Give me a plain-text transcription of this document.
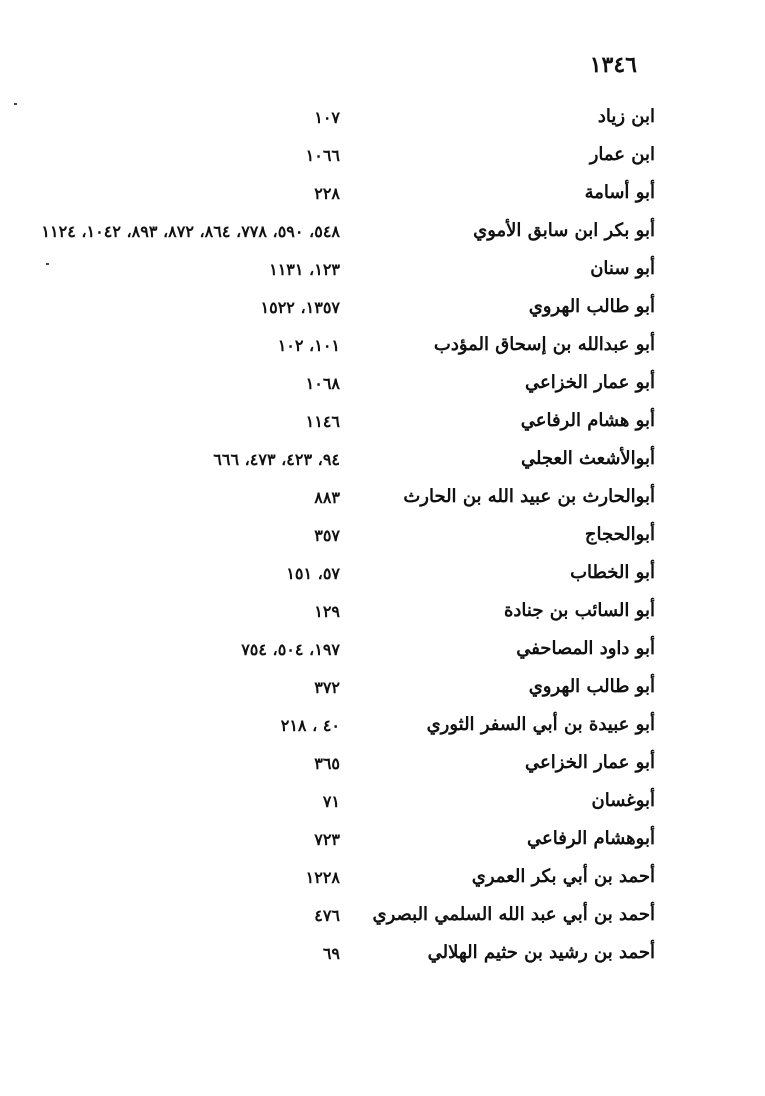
١٣٤٦
ابن زياد
١٠٧
ابن عمار
١٠٦٦
أبو أسامة
٢٢٨
أبو بكر ابن سابق الأموي
٥٤٨، ٥٩٠، ٧٧٨، ٨٦٤، ٨٧٢، ٨٩٣، ١٠٤٢، ١١٢٤
أبو سنان
١٢٣، ١١٣١
أبو طالب الهروي
١٣٥٧، ١٥٢٢
أبو عبدالله بن إسحاق المؤدب
١٠١، ١٠٢
أبو عمار الخزاعي
١٠٦٨
أبو هشام الرفاعي
١١٤٦
أبوالأشعث العجلي
٩٤، ٤٢٣، ٤٧٣، ٦٦٦
أبوالحارث بن عبيد الله بن الحارث
٨٨٣
أبوالحجاج
٣٥٧
أبو الخطاب
٥٧، ١٥١
أبو السائب بن جنادة
١٢٩
أبو داود المصاحفي
١٩٧، ٥٠٤، ٧٥٤
أبو طالب الهروي
٣٧٢
أبو عبيدة بن أبي السفر الثوري
٤٠ ، ٢١٨
أبو عمار الخزاعي
٣٦٥
أبوغسان
٧١
أبوهشام الرفاعي
٧٢٣
أحمد بن أبي بكر العمري
١٢٢٨
أحمد بن أبي عبد الله السلمي البصري
٤٧٦
أحمد بن رشيد بن حثيم الهلالي
٦٩
